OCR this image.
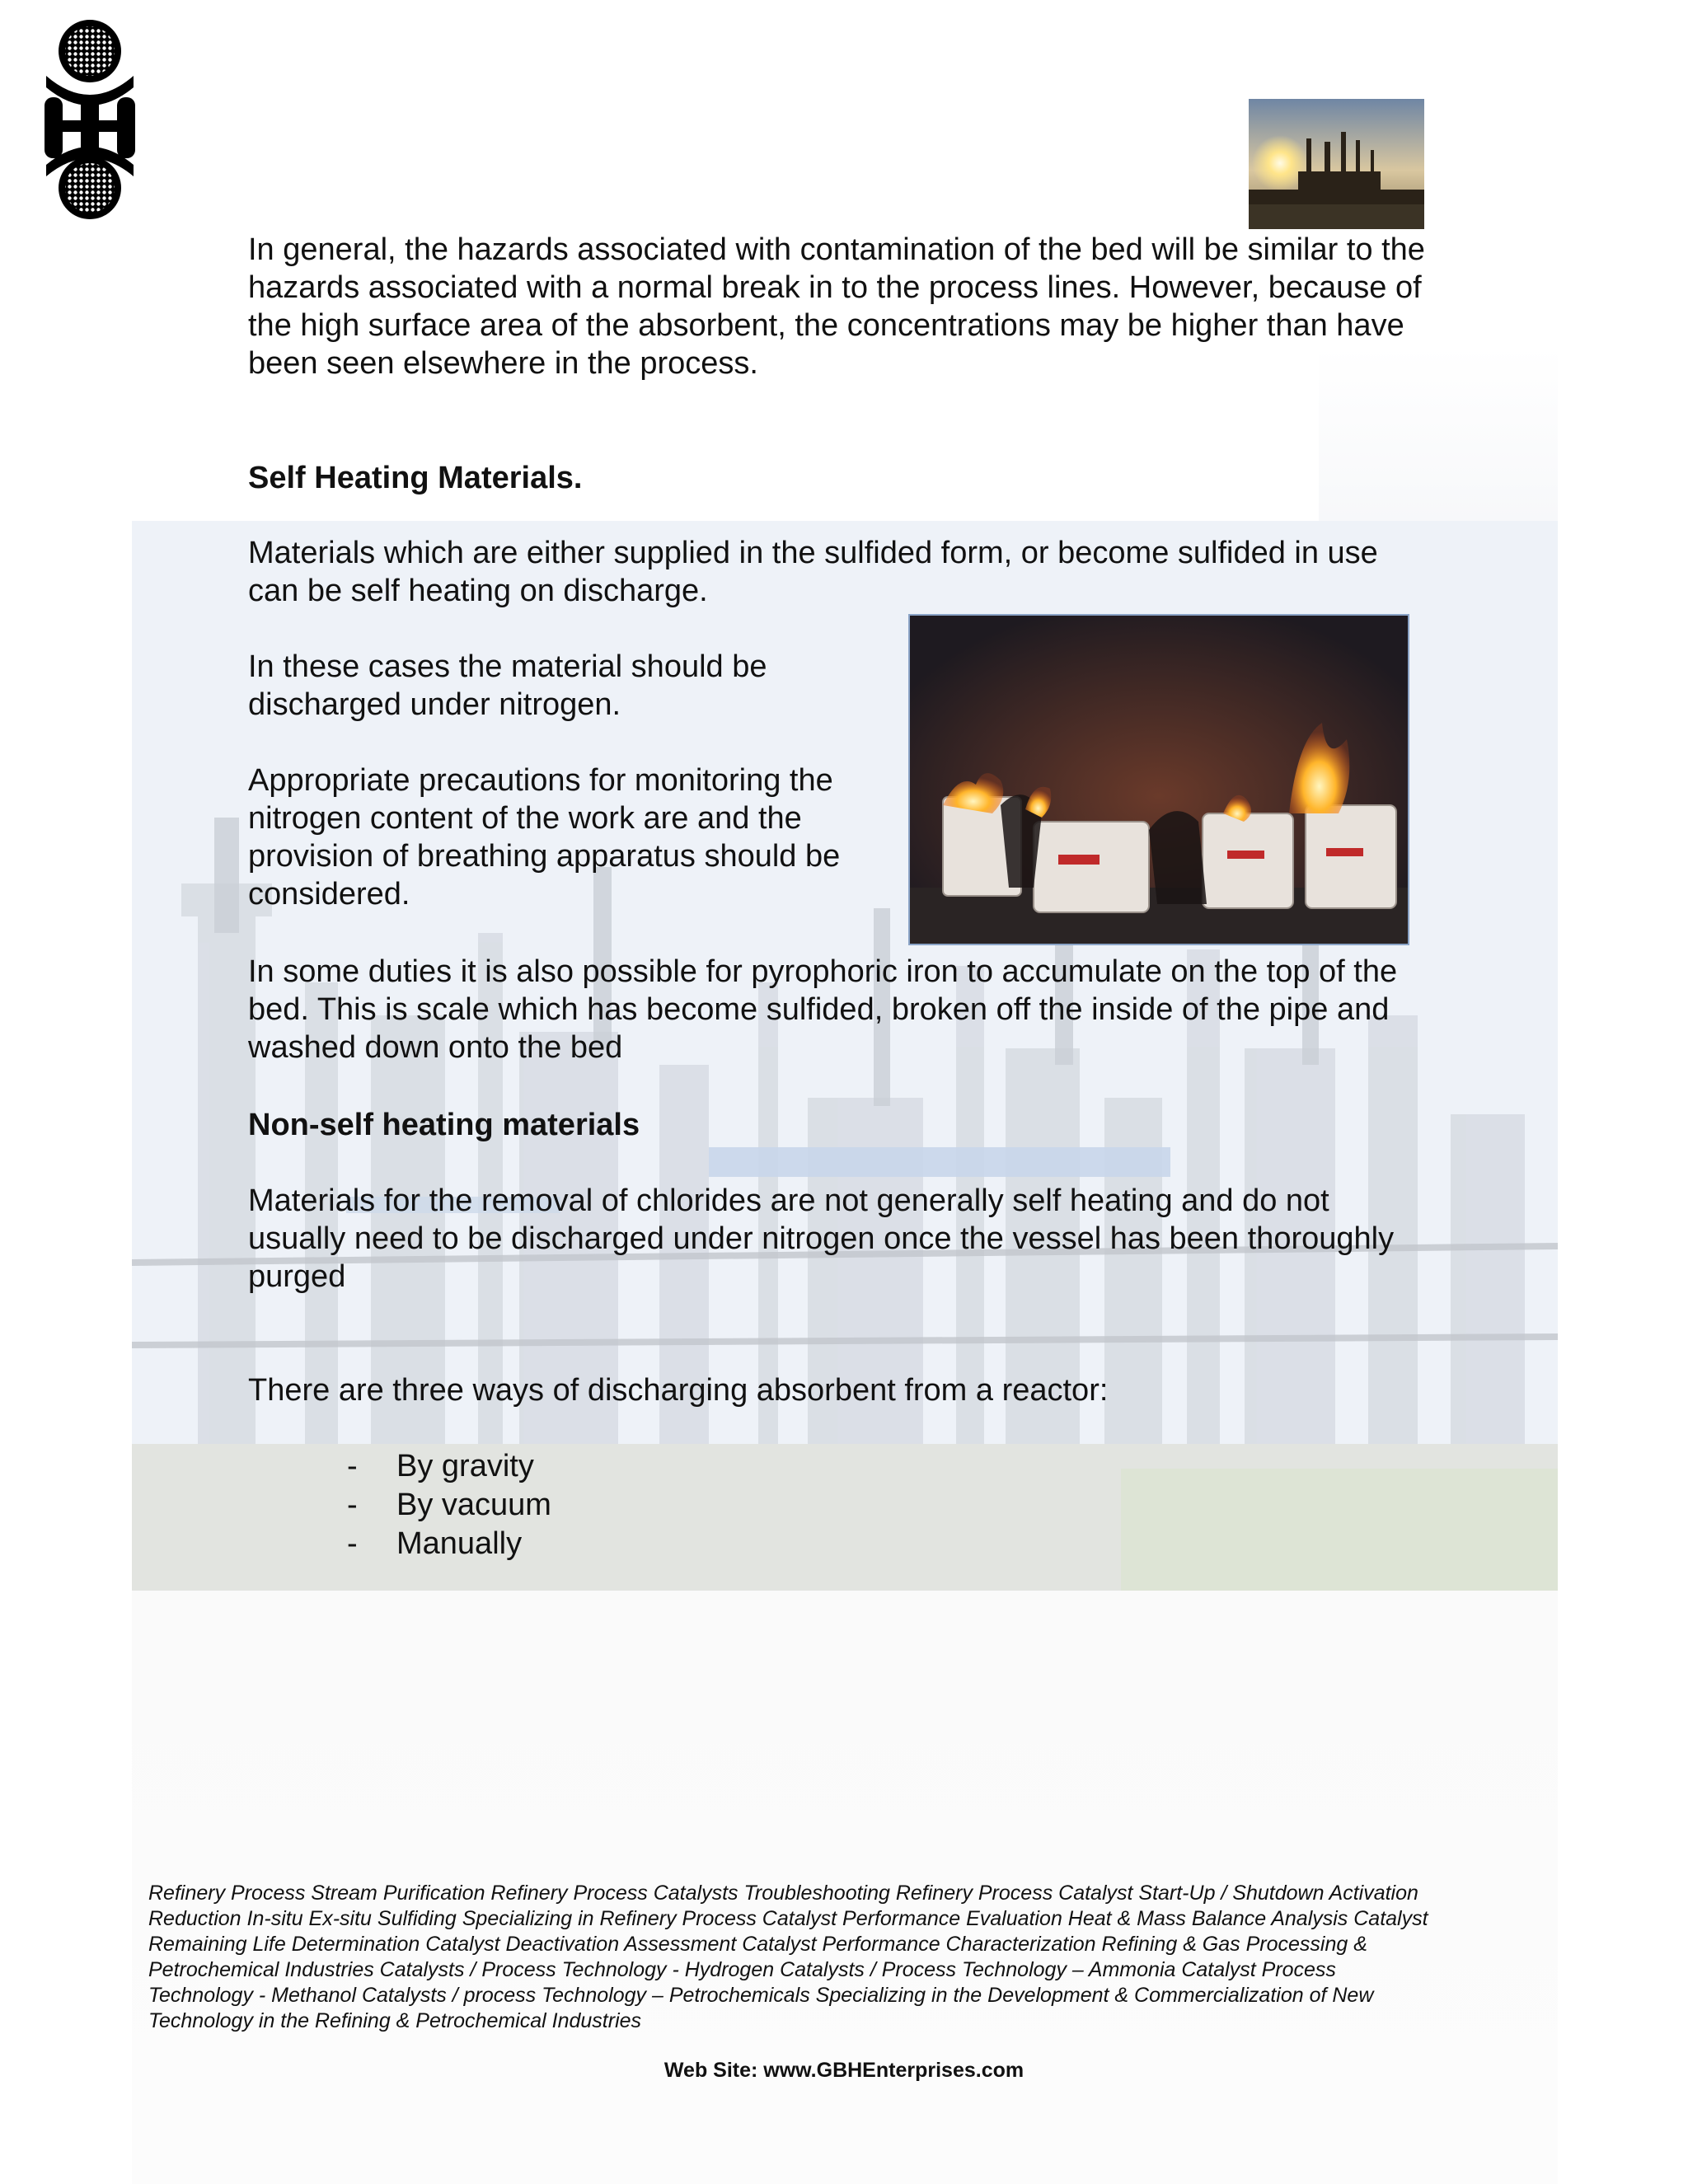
In general, the hazards associated with contamination of the bed will be similar to the hazards associated with a normal break in to the process lines. However, because of the high surface area of the absorbent, the concentrations may be higher than have been seen elsewhere in the process.

Self Heating Materials.

Materials which are either supplied in the sulfided form, or become sulfided in use can be self heating on discharge.

In these cases the material should be discharged under nitrogen.

Appropriate precautions for monitoring the nitrogen content of the work are and the provision of breathing apparatus should be considered.

In some duties it is also possible for pyrophoric iron to accumulate on the top of the bed. This is scale which has become sulfided, broken off the inside of the pipe and washed down onto the bed

Non-self heating materials

Materials for the removal of chlorides are not generally self heating and do not usually need to be discharged under nitrogen once the vessel has been thoroughly purged

There are three ways of discharging absorbent from a reactor:

-	By gravity
-	By vacuum
-	Manually

Refinery Process Stream Purification Refinery Process Catalysts Troubleshooting Refinery Process Catalyst Start-Up / Shutdown Activation Reduction In-situ Ex-situ Sulfiding Specializing in Refinery Process Catalyst Performance Evaluation Heat & Mass Balance Analysis Catalyst Remaining Life Determination Catalyst Deactivation Assessment Catalyst Performance Characterization Refining & Gas Processing & Petrochemical Industries Catalysts / Process Technology - Hydrogen Catalysts / Process Technology – Ammonia Catalyst Process Technology - Methanol Catalysts / process Technology – Petrochemicals Specializing in the Development & Commercialization of New Technology in the Refining & Petrochemical Industries

Web Site: www.GBHEnterprises.com
